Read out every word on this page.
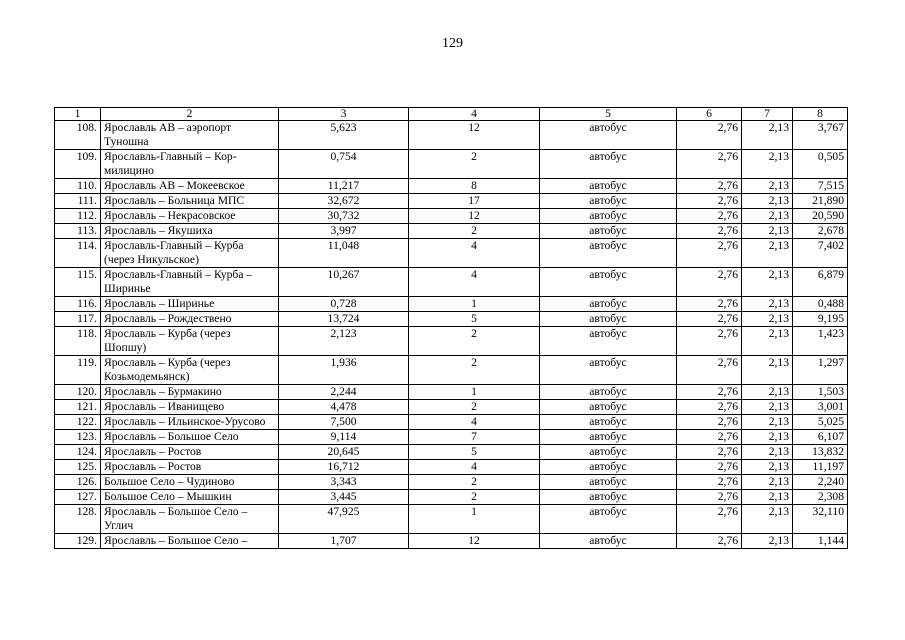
129
1	2	3	4	5	6	7	8
108.	Ярославль АВ – аэропорт Туношна	5,623	12	автобус	2,76	2,13	3,767
109.	Ярославль-Главный – Кор-милицино	0,754	2	автобус	2,76	2,13	0,505
110.	Ярославль АВ – Мокеевское	11,217	8	автобус	2,76	2,13	7,515
111.	Ярославль – Больница МПС	32,672	17	автобус	2,76	2,13	21,890
112.	Ярославль – Некрасовское	30,732	12	автобус	2,76	2,13	20,590
113.	Ярославль – Якушиха	3,997	2	автобус	2,76	2,13	2,678
114.	Ярославль-Главный – Курба (через Никульское)	11,048	4	автобус	2,76	2,13	7,402
115.	Ярославль-Главный – Курба – Ширинье	10,267	4	автобус	2,76	2,13	6,879
116.	Ярославль – Ширинье	0,728	1	автобус	2,76	2,13	0,488
117.	Ярославль – Рождествено	13,724	5	автобус	2,76	2,13	9,195
118.	Ярославль – Курба (через Шопшу)	2,123	2	автобус	2,76	2,13	1,423
119.	Ярославль – Курба (через Козьмодемьянск)	1,936	2	автобус	2,76	2,13	1,297
120.	Ярославль – Бурмакино	2,244	1	автобус	2,76	2,13	1,503
121.	Ярославль – Иванищево	4,478	2	автобус	2,76	2,13	3,001
122.	Ярославль – Ильинское-Урусово	7,500	4	автобус	2,76	2,13	5,025
123.	Ярославль – Большое Село	9,114	7	автобус	2,76	2,13	6,107
124.	Ярославль – Ростов	20,645	5	автобус	2,76	2,13	13,832
125.	Ярославль – Ростов	16,712	4	автобус	2,76	2,13	11,197
126.	Большое Село – Чудиново	3,343	2	автобус	2,76	2,13	2,240
127.	Большое Село – Мышкин	3,445	2	автобус	2,76	2,13	2,308
128.	Ярославль – Большое Село – Углич	47,925	1	автобус	2,76	2,13	32,110
129.	Ярославль – Большое Село –	1,707	12	автобус	2,76	2,13	1,144
